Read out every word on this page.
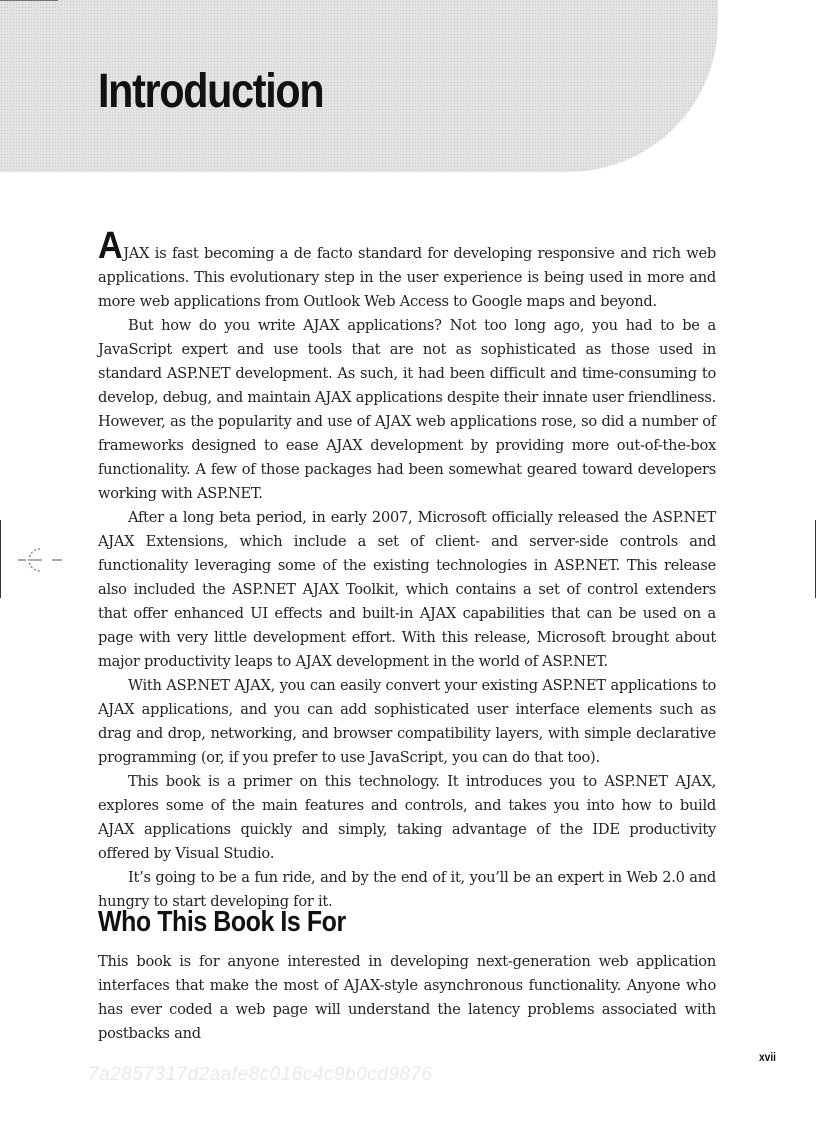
Introduction

AJAX is fast becoming a de facto standard for developing responsive and rich web applications. This evolutionary step in the user experience is being used in more and more web applications from Outlook Web Access to Google maps and beyond.

But how do you write AJAX applications? Not too long ago, you had to be a JavaScript expert and use tools that are not as sophisticated as those used in standard ASP.NET development. As such, it had been difficult and time-consuming to develop, debug, and maintain AJAX applications despite their innate user friendliness. However, as the popularity and use of AJAX web applications rose, so did a number of frameworks designed to ease AJAX development by providing more out-of-the-box functionality. A few of those packages had been somewhat geared toward developers working with ASP.NET.

After a long beta period, in early 2007, Microsoft officially released the ASP.NET AJAX Extensions, which include a set of client- and server-side controls and functionality leveraging some of the existing technologies in ASP.NET. This release also included the ASP.NET AJAX Toolkit, which contains a set of control extenders that offer enhanced UI effects and built-in AJAX capabilities that can be used on a page with very little development effort. With this release, Microsoft brought about major productivity leaps to AJAX development in the world of ASP.NET.

With ASP.NET AJAX, you can easily convert your existing ASP.NET applications to AJAX applications, and you can add sophisticated user interface elements such as drag and drop, networking, and browser compatibility layers, with simple declarative programming (or, if you prefer to use JavaScript, you can do that too).

This book is a primer on this technology. It introduces you to ASP.NET AJAX, explores some of the main features and controls, and takes you into how to build AJAX applications quickly and simply, taking advantage of the IDE productivity offered by Visual Studio.

It’s going to be a fun ride, and by the end of it, you’ll be an expert in Web 2.0 and hungry to start developing for it.

Who This Book Is For

This book is for anyone interested in developing next-generation web application interfaces that make the most of AJAX-style asynchronous functionality. Anyone who has ever coded a web page will understand the latency problems associated with postbacks and

xvii

7a2857317d2aafe8c016c4c9b0cd9876
